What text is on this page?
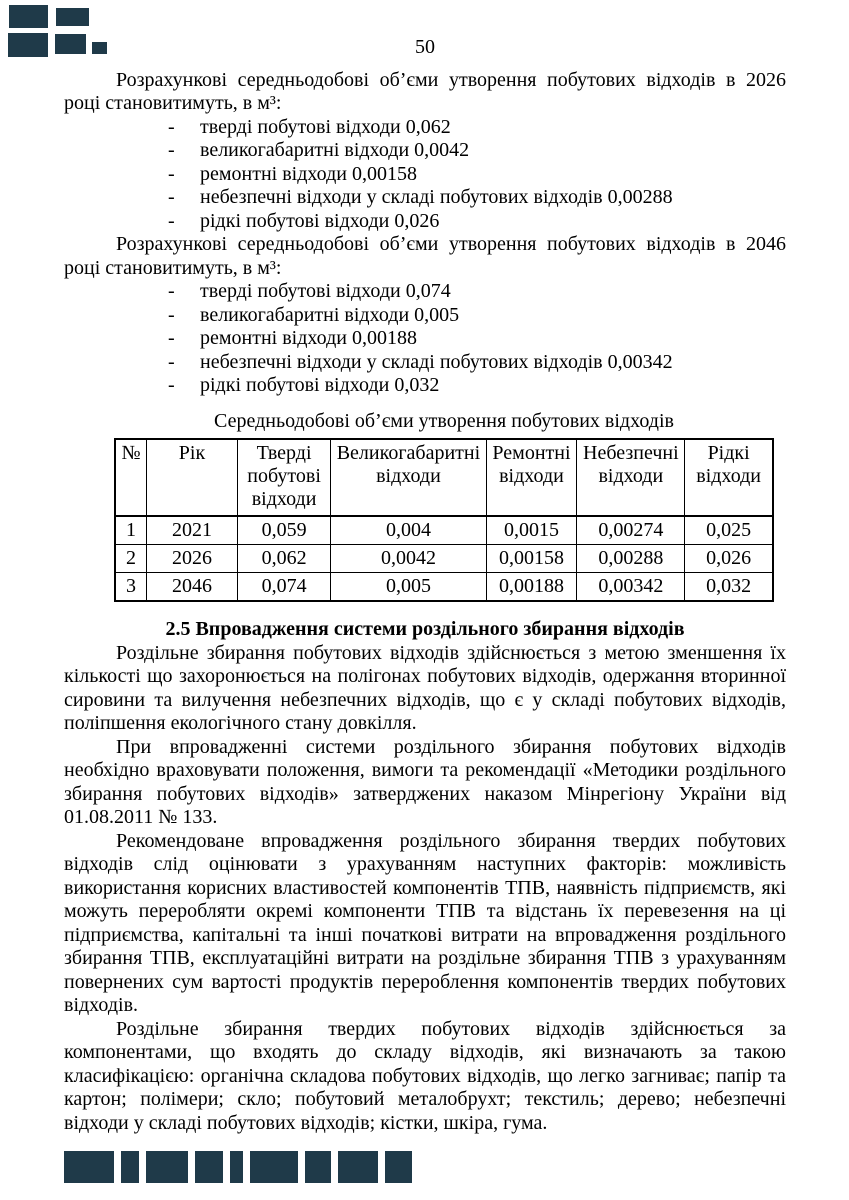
50

Розрахункові середньодобові об’єми утворення побутових відходів в 2026 році становитимуть, в м³:

-	тверді побутові відходи 0,062
-	великогабаритні відходи 0,0042
-	ремонтні відходи 0,00158
-	небезпечні відходи у складі побутових відходів 0,00288
-	рідкі побутові відходи 0,026

Розрахункові середньодобові об’єми утворення побутових відходів в 2046 році становитимуть, в м³:

-	тверді побутові відходи 0,074
-	великогабаритні відходи 0,005
-	ремонтні відходи 0,00188
-	небезпечні відходи у складі побутових відходів 0,00342
-	рідкі побутові відходи 0,032
Середньодобові об’єми утворення побутових відходів
№	Рік	Тверді побутові відходи	Великогабаритні відходи	Ремонтні відходи	Небезпечні відходи	Рідкі відходи
1	2021	0,059	0,004	0,0015	0,00274	0,025
2	2026	0,062	0,0042	0,00158	0,00288	0,026
3	2046	0,074	0,005	0,00188	0,00342	0,032
2.5 Впровадження системи роздільного збирання відходів

Роздільне збирання побутових відходів здійснюється з метою зменшення їх кількості що захоронюється на полігонах побутових відходів, одержання вторинної сировини та вилучення небезпечних відходів, що є у складі побутових відходів, поліпшення екологічного стану довкілля.

При впровадженні системи роздільного збирання побутових відходів необхідно враховувати положення, вимоги та рекомендації «Методики роздільного збирання побутових відходів» затверджених наказом Мінрегіону України від 01.08.2011 № 133.

Рекомендоване впровадження роздільного збирання твердих побутових відходів слід оцінювати з урахуванням наступних факторів: можливість використання корисних властивостей компонентів ТПВ, наявність підприємств, які можуть переробляти окремі компоненти ТПВ та відстань їх перевезення на ці підприємства, капітальні та інші початкові витрати на впровадження роздільного збирання ТПВ, експлуатаційні витрати на роздільне збирання ТПВ з урахуванням повернених сум вартості продуктів перероблення компонентів твердих побутових відходів.

Роздільне збирання твердих побутових відходів здійснюється за компонентами, що входять до складу відходів, які визначають за такою класифікацією: органічна складова побутових відходів, що легко загниває; папір та картон; полімери; скло; побутовий металобрухт; текстиль; дерево; небезпечні відходи у складі побутових відходів; кістки, шкіра, гума.
